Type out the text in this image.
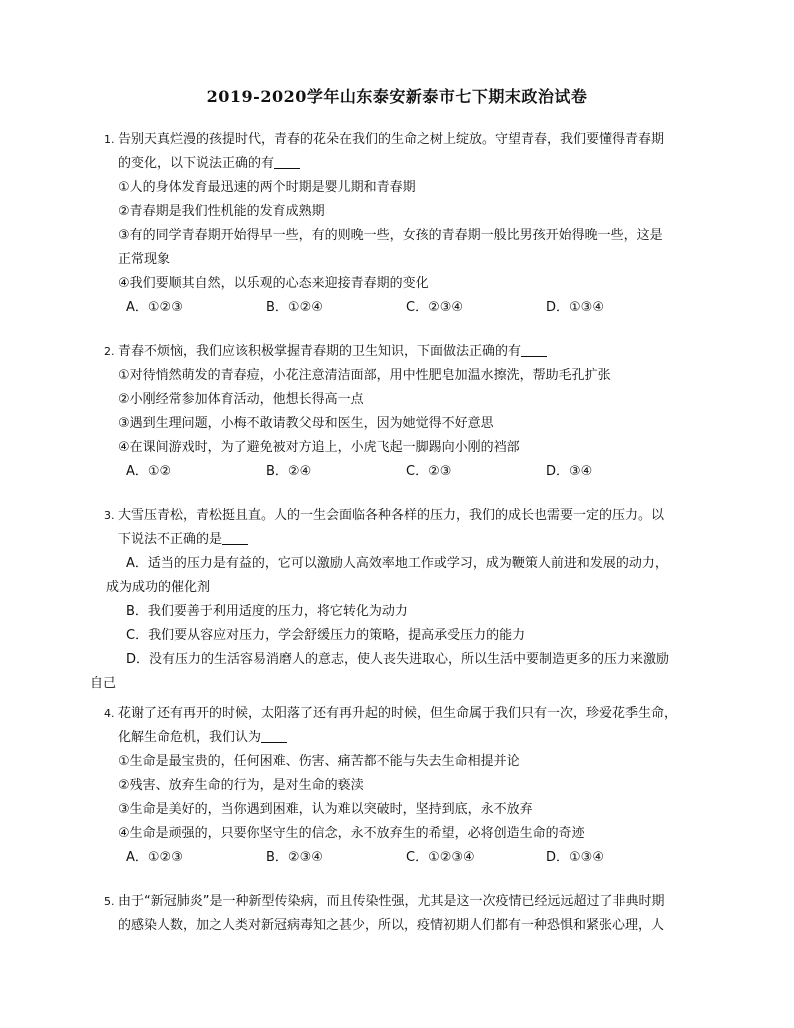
2019-2020学年山东泰安新泰市七下期末政治试卷
1. 告别天真烂漫的孩提时代，青春的花朵在我们的生命之树上绽放。守望青春，我们要懂得青春期
的变化，以下说法正确的有
①人的身体发育最迅速的两个时期是婴儿期和青春期
②青春期是我们性机能的发育成熟期
③有的同学青春期开始得早一些，有的则晚一些，女孩的青春期一般比男孩开始得晚一些，这是
正常现象
④我们要顺其自然，以乐观的心态来迎接青春期的变化
A．①②③	B．①②④	C．②③④	D．①③④
2. 青春不烦恼，我们应该积极掌握青春期的卫生知识，下面做法正确的有
①对待悄然萌发的青春痘，小花注意清洁面部，用中性肥皂加温水擦洗，帮助毛孔扩张
②小刚经常参加体育活动，他想长得高一点
③遇到生理问题，小梅不敢请教父母和医生，因为她觉得不好意思
④在课间游戏时，为了避免被对方追上，小虎飞起一脚踢向小刚的裆部
A．①②	B．②④	C．②③	D．③④
3. 大雪压青松，青松挺且直。人的一生会面临各种各样的压力，我们的成长也需要一定的压力。以
下说法不正确的是
A．适当的压力是有益的，它可以激励人高效率地工作或学习，成为鞭策人前进和发展的动力，
成为成功的催化剂
B．我们要善于利用适度的压力，将它转化为动力
C．我们要从容应对压力，学会舒缓压力的策略，提高承受压力的能力
D．没有压力的生活容易消磨人的意志，使人丧失进取心，所以生活中要制造更多的压力来激励
自己
4. 花谢了还有再开的时候，太阳落了还有再升起的时候，但生命属于我们只有一次，珍爱花季生命，
化解生命危机，我们认为
①生命是最宝贵的，任何困难、伤害、痛苦都不能与失去生命相提并论
②残害、放弃生命的行为，是对生命的亵渎
③生命是美好的，当你遇到困难，认为难以突破时，坚持到底，永不放弃
④生命是顽强的，只要你坚守生的信念，永不放弃生的希望，必将创造生命的奇迹
A．①②③	B．②③④	C．①②③④	D．①③④
5. 由于“新冠肺炎”是一种新型传染病，而且传染性强，尤其是这一次疫情已经远远超过了非典时期
的感染人数，加之人类对新冠病毒知之甚少，所以，疫情初期人们都有一种恐惧和紧张心理，人
